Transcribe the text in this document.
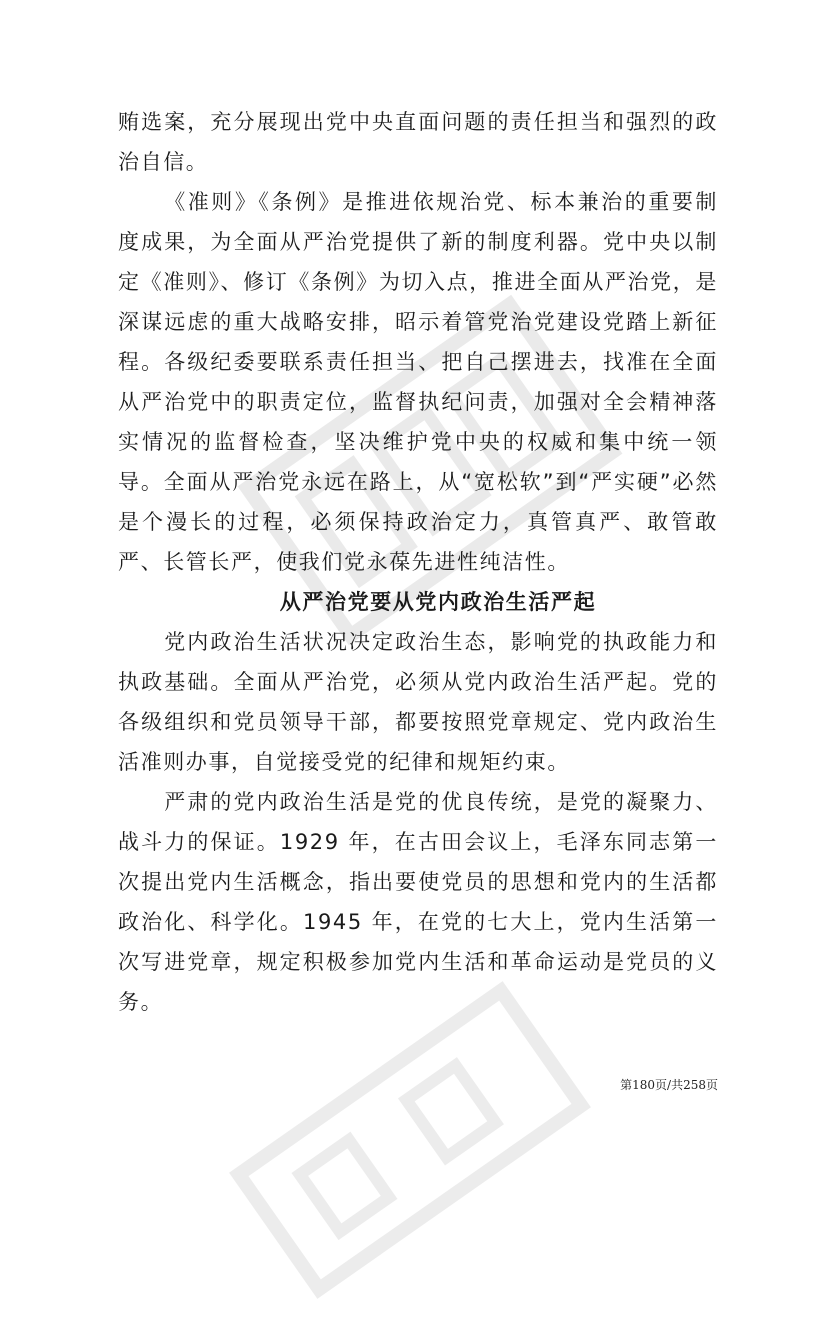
贿选案，充分展现出党中央直面问题的责任担当和强烈的政治自信。

《准则》《条例》是推进依规治党、标本兼治的重要制度成果，为全面从严治党提供了新的制度利器。党中央以制定《准则》、修订《条例》为切入点，推进全面从严治党，是深谋远虑的重大战略安排，昭示着管党治党建设党踏上新征程。各级纪委要联系责任担当、把自己摆进去，找准在全面从严治党中的职责定位，监督执纪问责，加强对全会精神落实情况的监督检查，坚决维护党中央的权威和集中统一领导。全面从严治党永远在路上，从“宽松软”到“严实硬”必然是个漫长的过程，必须保持政治定力，真管真严、敢管敢严、长管长严，使我们党永葆先进性纯洁性。

从严治党要从党内政治生活严起

党内政治生活状况决定政治生态，影响党的执政能力和执政基础。全面从严治党，必须从党内政治生活严起。党的各级组织和党员领导干部，都要按照党章规定、党内政治生活准则办事，自觉接受党的纪律和规矩约束。

严肃的党内政治生活是党的优良传统，是党的凝聚力、战斗力的保证。1929 年，在古田会议上，毛泽东同志第一次提出党内生活概念，指出要使党员的思想和党内的生活都政治化、科学化。1945 年，在党的七大上，党内生活第一次写进党章，规定积极参加党内生活和革命运动是党员的义务。

第180页/共258页
